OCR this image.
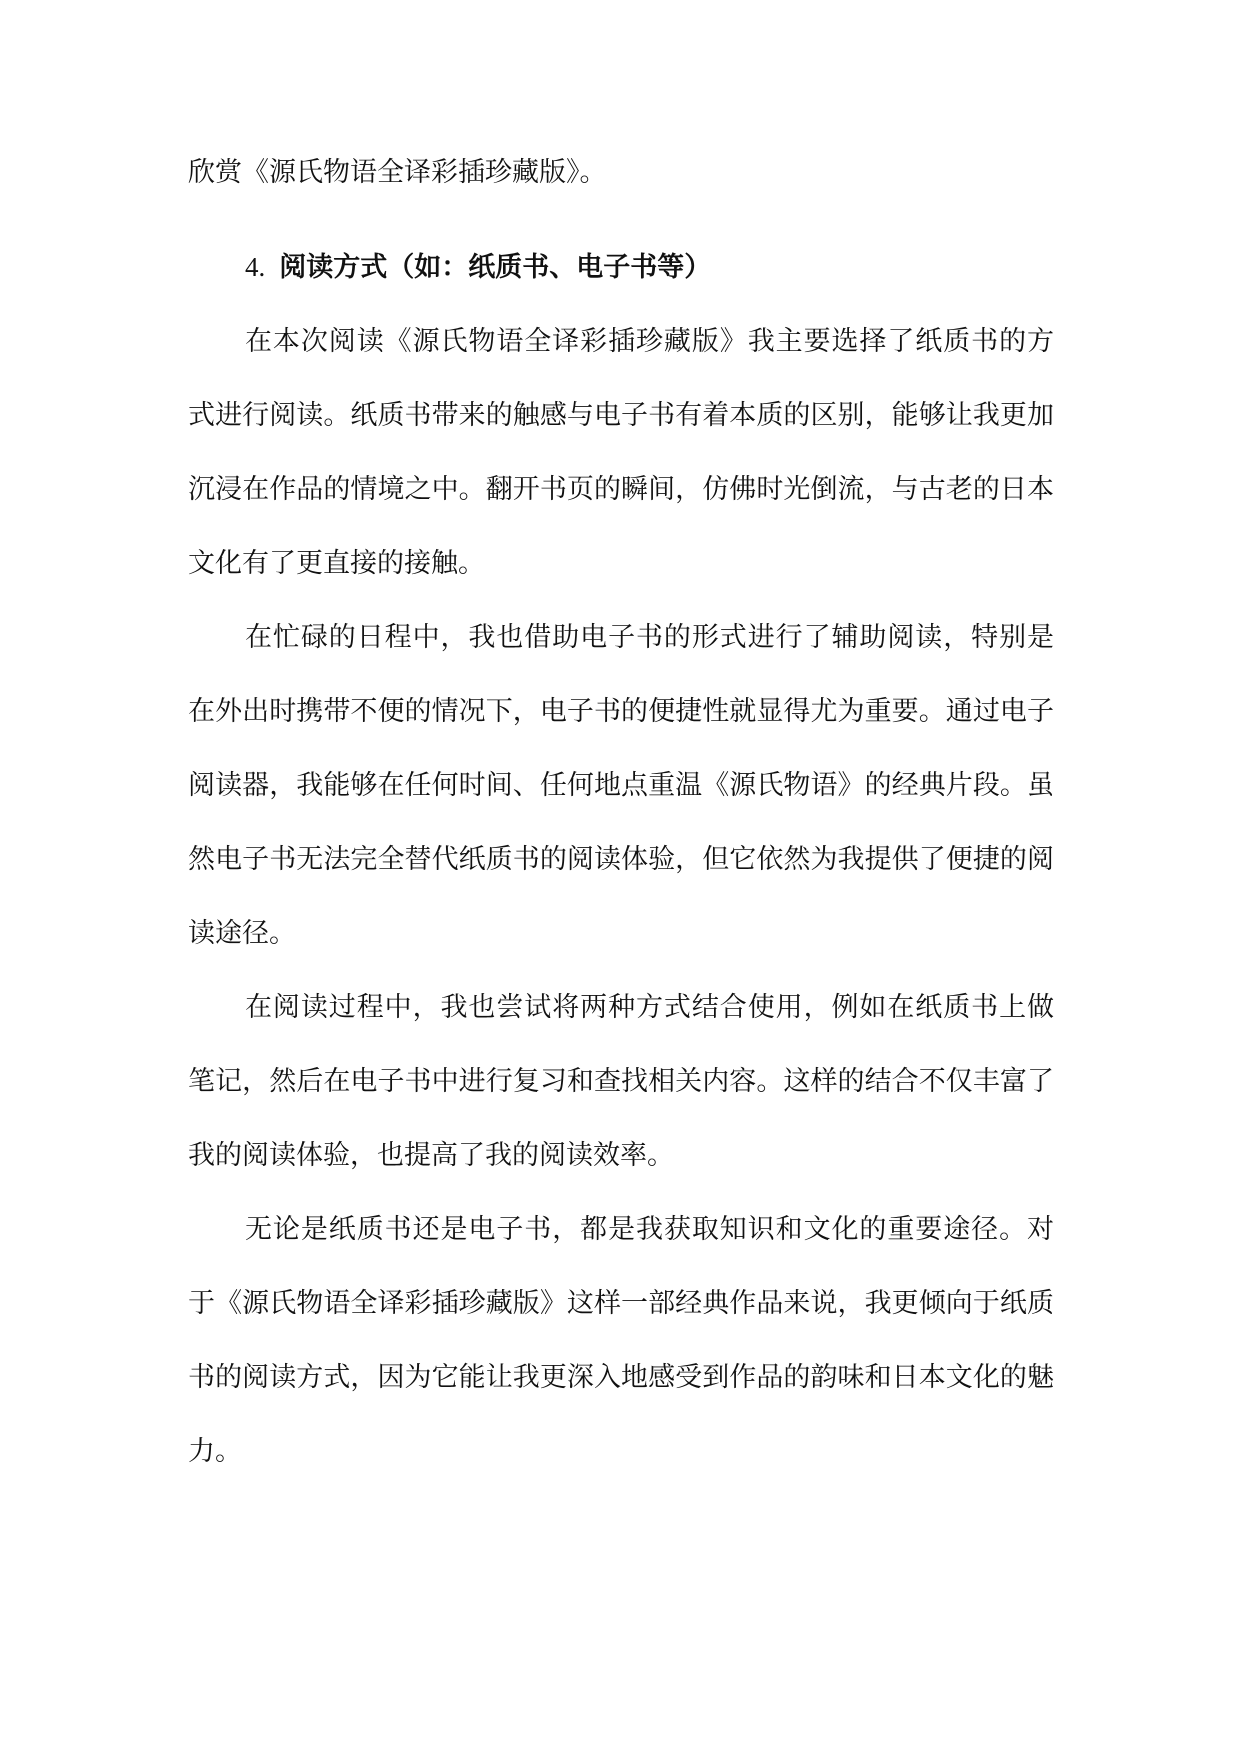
欣赏《源氏物语全译彩插珍藏版》。

4. 阅读方式（如：纸质书、电子书等）

在本次阅读《源氏物语全译彩插珍藏版》我主要选择了纸质书的方式进行阅读。纸质书带来的触感与电子书有着本质的区别，能够让我更加沉浸在作品的情境之中。翻开书页的瞬间，仿佛时光倒流，与古老的日本文化有了更直接的接触。

在忙碌的日程中，我也借助电子书的形式进行了辅助阅读，特别是在外出时携带不便的情况下，电子书的便捷性就显得尤为重要。通过电子阅读器，我能够在任何时间、任何地点重温《源氏物语》的经典片段。虽然电子书无法完全替代纸质书的阅读体验，但它依然为我提供了便捷的阅读途径。

在阅读过程中，我也尝试将两种方式结合使用，例如在纸质书上做笔记，然后在电子书中进行复习和查找相关内容。这样的结合不仅丰富了我的阅读体验，也提高了我的阅读效率。

无论是纸质书还是电子书，都是我获取知识和文化的重要途径。对于《源氏物语全译彩插珍藏版》这样一部经典作品来说，我更倾向于纸质书的阅读方式，因为它能让我更深入地感受到作品的韵味和日本文化的魅力。
